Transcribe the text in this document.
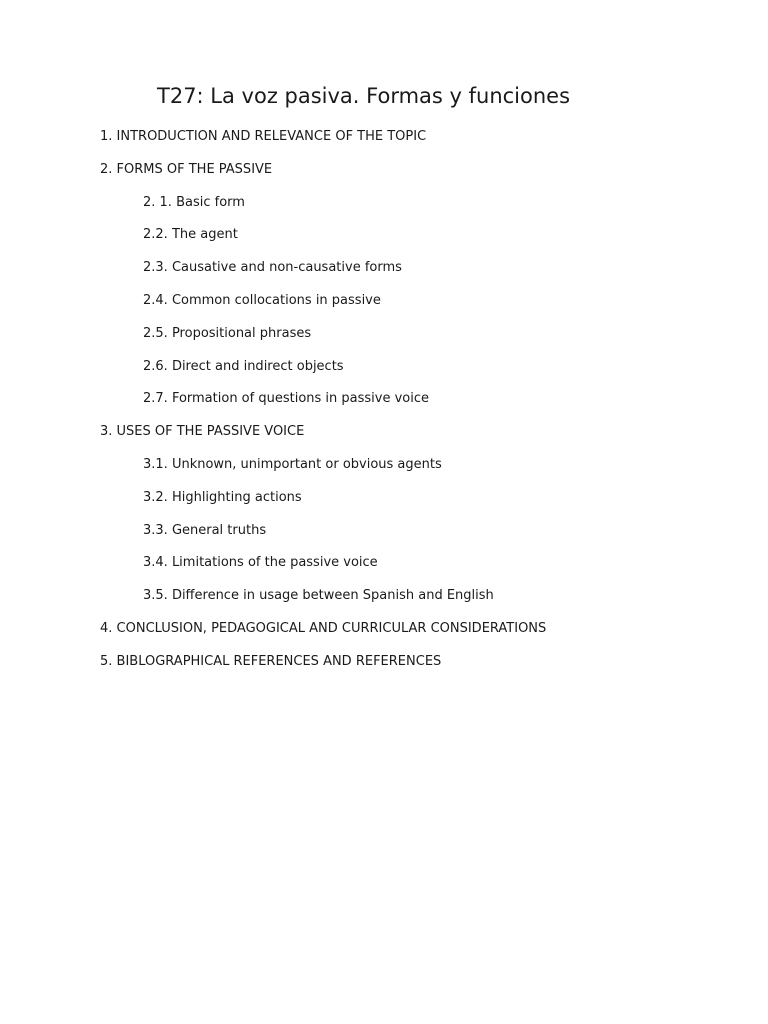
T27: La voz pasiva. Formas y funciones
1. INTRODUCTION AND RELEVANCE OF THE TOPIC
2. FORMS OF THE PASSIVE
2. 1. Basic form
2.2. The agent
2.3. Causative and non-causative forms
2.4. Common collocations in passive
2.5. Propositional phrases
2.6. Direct and indirect objects
2.7. Formation of questions in passive voice
3. USES OF THE PASSIVE VOICE
3.1. Unknown, unimportant or obvious agents
3.2. Highlighting actions
3.3. General truths
3.4. Limitations of the passive voice
3.5. Difference in usage between Spanish and English
4. CONCLUSION, PEDAGOGICAL AND CURRICULAR CONSIDERATIONS
5. BIBLOGRAPHICAL REFERENCES AND REFERENCES
